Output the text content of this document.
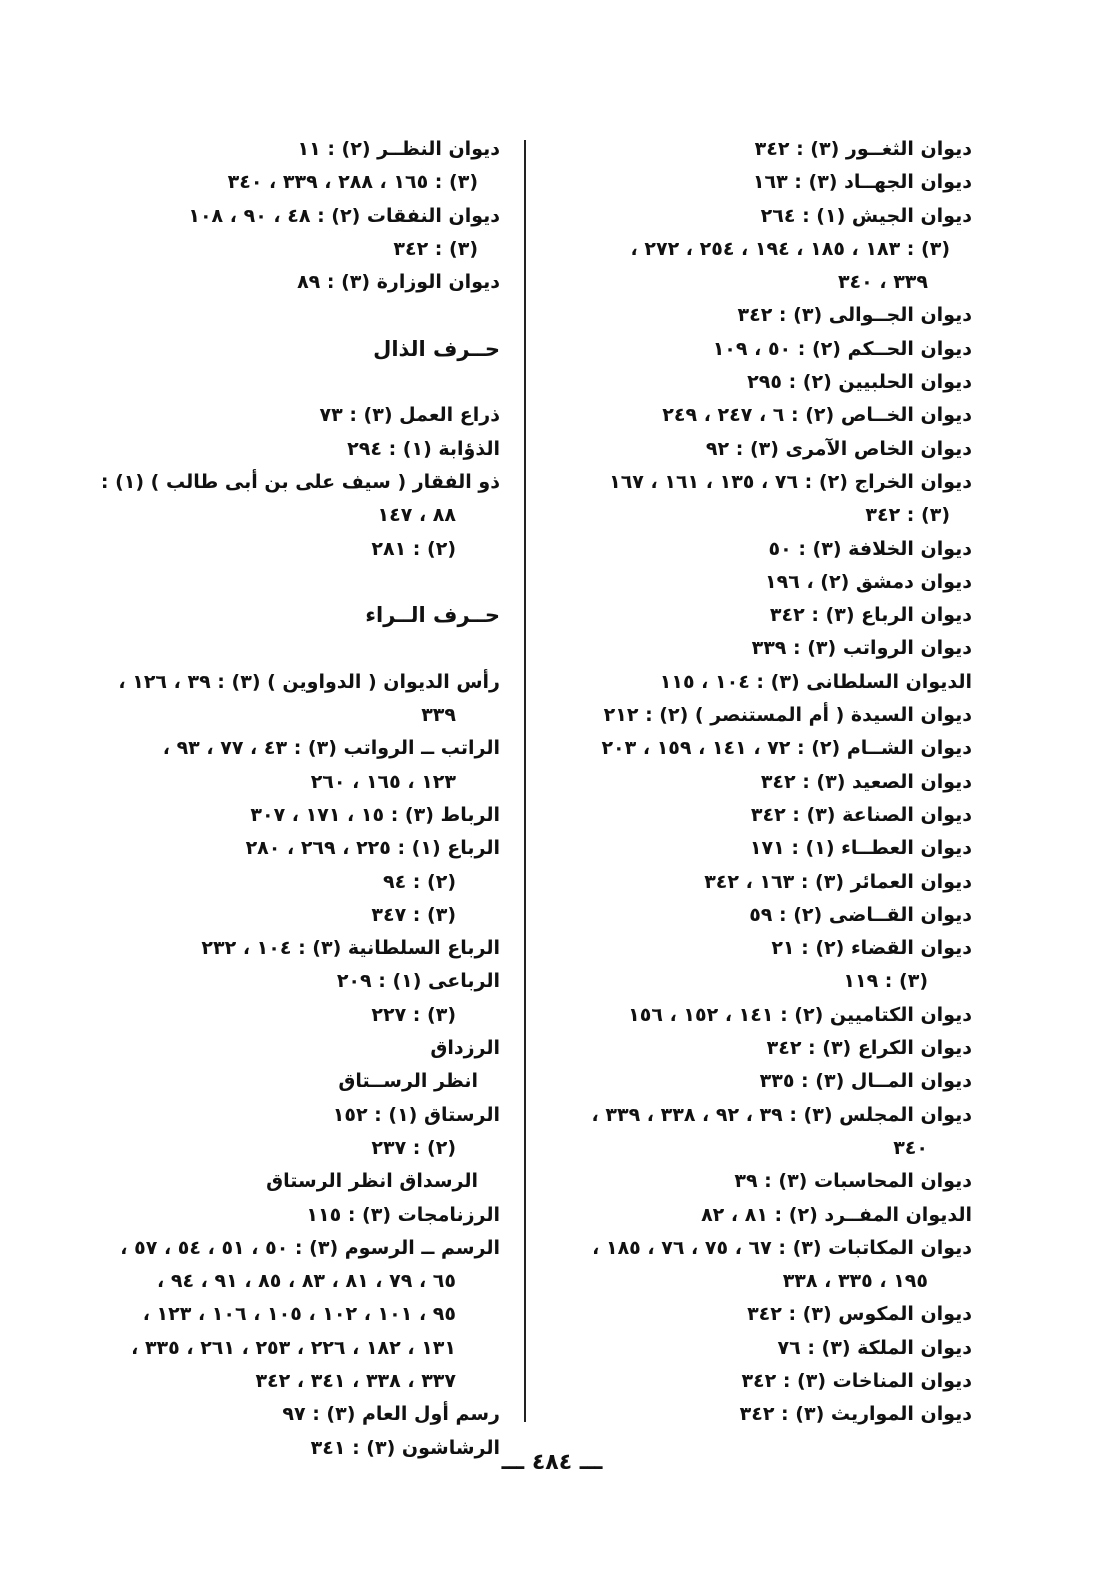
ديوان الثغــور (٣) : ٣٤٢
ديوان الجهــاد (٣) : ١٦٣
ديوان الجيش (١) : ٢٦٤
(٣) : ١٨٣ ، ١٨٥ ، ١٩٤ ، ٢٥٤ ، ٢٧٢ ،
٣٣٩ ، ٣٤٠
ديوان الجــوالى (٣) : ٣٤٢
ديوان الحــكم (٢) : ٥٠ ، ١٠٩
ديوان الحلبيين (٢) : ٢٩٥
ديوان الخــاص (٢) : ٦ ، ٢٤٧ ، ٢٤٩
ديوان الخاص الآمرى (٣) : ٩٢
ديوان الخراج (٢) : ٧٦ ، ١٣٥ ، ١٦١ ، ١٦٧
(٣) : ٣٤٢
ديوان الخلافة (٣) : ٥٠
ديوان دمشق (٢) ، ١٩٦
ديوان الرباع (٣) : ٣٤٢
ديوان الرواتب (٣) : ٣٣٩
الديوان السلطانى (٣) : ١٠٤ ، ١١٥
ديوان السيدة ( أم المستنصر ) (٢) : ٢١٢
ديوان الشــام (٢) : ٧٢ ، ١٤١ ، ١٥٩ ، ٢٠٣
ديوان الصعيد (٣) : ٣٤٢
ديوان الصناعة (٣) : ٣٤٢
ديوان العطــاء (١) : ١٧١
ديوان العمائر (٣) : ١٦٣ ، ٣٤٢
ديوان القــاضى (٢) : ٥٩
ديوان القضاء (٢) : ٢١
(٣) : ١١٩
ديوان الكتاميين (٢) : ١٤١ ، ١٥٢ ، ١٥٦
ديوان الكراع (٣) : ٣٤٢
ديوان المــال (٣) : ٣٣٥
ديوان المجلس (٣) : ٣٩ ، ٩٢ ، ٣٣٨ ، ٣٣٩ ،
٣٤٠
ديوان المحاسبات (٣) : ٣٩
الديوان المفــرد (٢) : ٨١ ، ٨٢
ديوان المكاتبات (٣) : ٦٧ ، ٧٥ ، ٧٦ ، ١٨٥ ،
١٩٥ ، ٣٣٥ ، ٣٣٨
ديوان المكوس (٣) : ٣٤٢
ديوان الملكة (٣) : ٧٦
ديوان المناخات (٣) : ٣٤٢
ديوان المواريث (٣) : ٣٤٢
ديوان النظــر (٢) : ١١
(٣) : ١٦٥ ، ٢٨٨ ، ٣٣٩ ، ٣٤٠
ديوان النفقات (٢) : ٤٨ ، ٩٠ ، ١٠٨
(٣) : ٣٤٢
ديوان الوزارة (٣) : ٨٩
حــرف الذال
ذراع العمل (٣) : ٧٣
الذؤابة (١) : ٢٩٤
ذو الفقار ( سيف على بن أبى طالب ) (١) :
٨٨ ، ١٤٧
(٢) : ٢٨١
حــرف الــراء
رأس الديوان ( الدواوين ) (٣) : ٣٩ ، ١٢٦ ،
٣٣٩
الراتب ــ الرواتب (٣) : ٤٣ ، ٧٧ ، ٩٣ ،
١٢٣ ، ١٦٥ ، ٢٦٠
الرباط (٣) : ١٥ ، ١٧١ ، ٣٠٧
الرباع (١) : ٢٢٥ ، ٢٦٩ ، ٢٨٠
(٢) : ٩٤
(٣) : ٣٤٧
الرباع السلطانية (٣) : ١٠٤ ، ٢٣٢
الرباعى (١) : ٢٠٩
(٣) : ٢٢٧
الرزداق
انظر الرســتاق
الرستاق (١) : ١٥٢
(٢) : ٢٣٧
الرسداق انظر الرستاق
الرزنامجات (٣) : ١١٥
الرسم ــ الرسوم (٣) : ٥٠ ، ٥١ ، ٥٤ ، ٥٧ ،
٦٥ ، ٧٩ ، ٨١ ، ٨٣ ، ٨٥ ، ٩١ ، ٩٤ ،
٩٥ ، ١٠١ ، ١٠٢ ، ١٠٥ ، ١٠٦ ، ١٢٣ ،
١٣١ ، ١٨٢ ، ٢٢٦ ، ٢٥٣ ، ٢٦١ ، ٣٣٥ ،
٣٣٧ ، ٣٣٨ ، ٣٤١ ، ٣٤٢
رسم أول العام (٣) : ٩٧
الرشاشون (٣) : ٣٤١
ـــ ٤٨٤ ـــ
